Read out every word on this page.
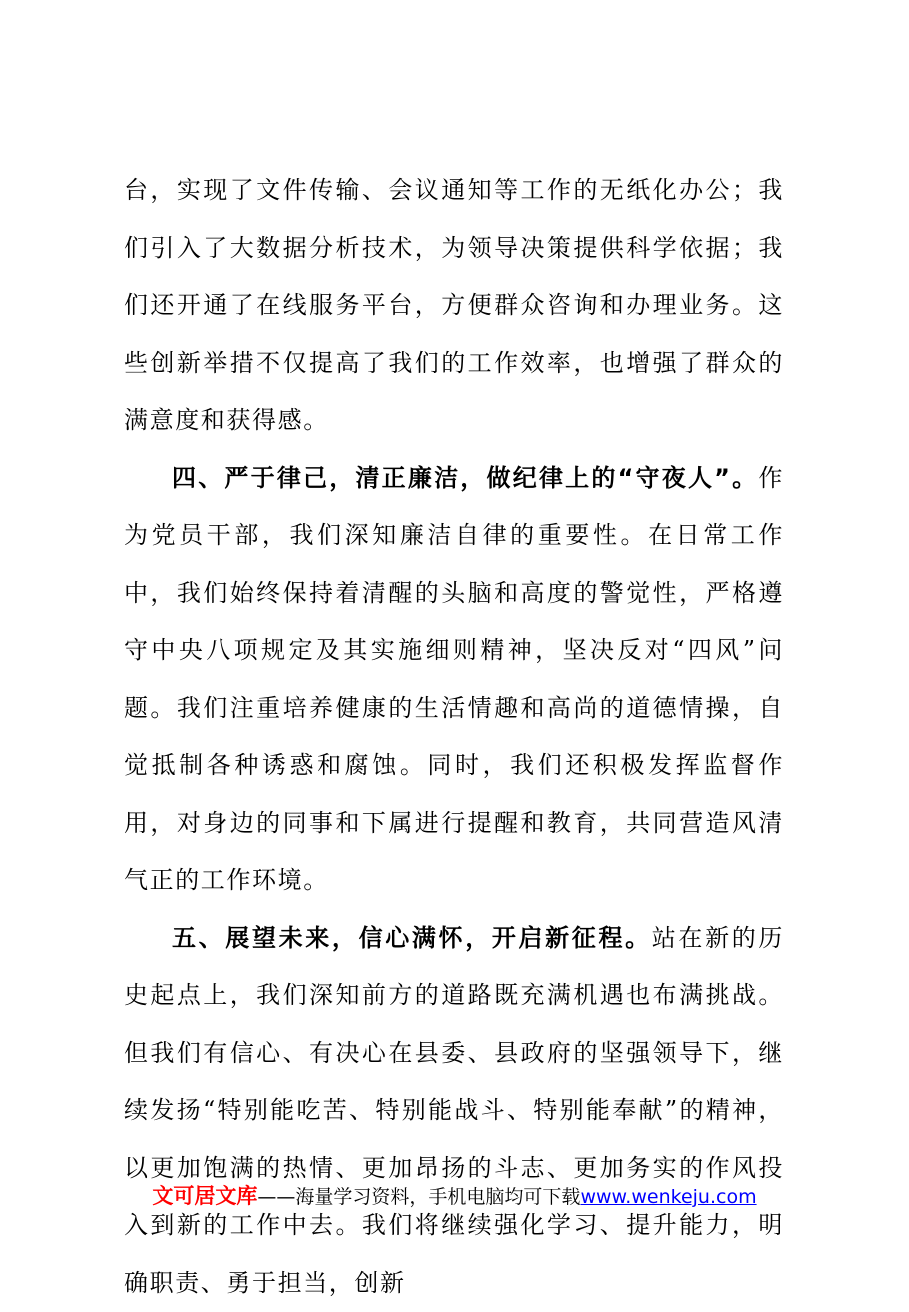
台，实现了文件传输、会议通知等工作的无纸化办公；我们引入了大数据分析技术，为领导决策提供科学依据；我们还开通了在线服务平台，方便群众咨询和办理业务。这些创新举措不仅提高了我们的工作效率，也增强了群众的满意度和获得感。

四、严于律己，清正廉洁，做纪律上的“守夜人”。作为党员干部，我们深知廉洁自律的重要性。在日常工作中，我们始终保持着清醒的头脑和高度的警觉性，严格遵守中央八项规定及其实施细则精神，坚决反对“四风”问题。我们注重培养健康的生活情趣和高尚的道德情操，自觉抵制各种诱惑和腐蚀。同时，我们还积极发挥监督作用，对身边的同事和下属进行提醒和教育，共同营造风清气正的工作环境。

五、展望未来，信心满怀，开启新征程。站在新的历史起点上，我们深知前方的道路既充满机遇也布满挑战。但我们有信心、有决心在县委、县政府的坚强领导下，继续发扬“特别能吃苦、特别能战斗、特别能奉献”的精神，以更加饱满的热情、更加昂扬的斗志、更加务实的作风投入到新的工作中去。我们将继续强化学习、提升能力，明确职责、勇于担当，创新

文可居文库——海量学习资料，手机电脑均可下载www.wenkeju.com
